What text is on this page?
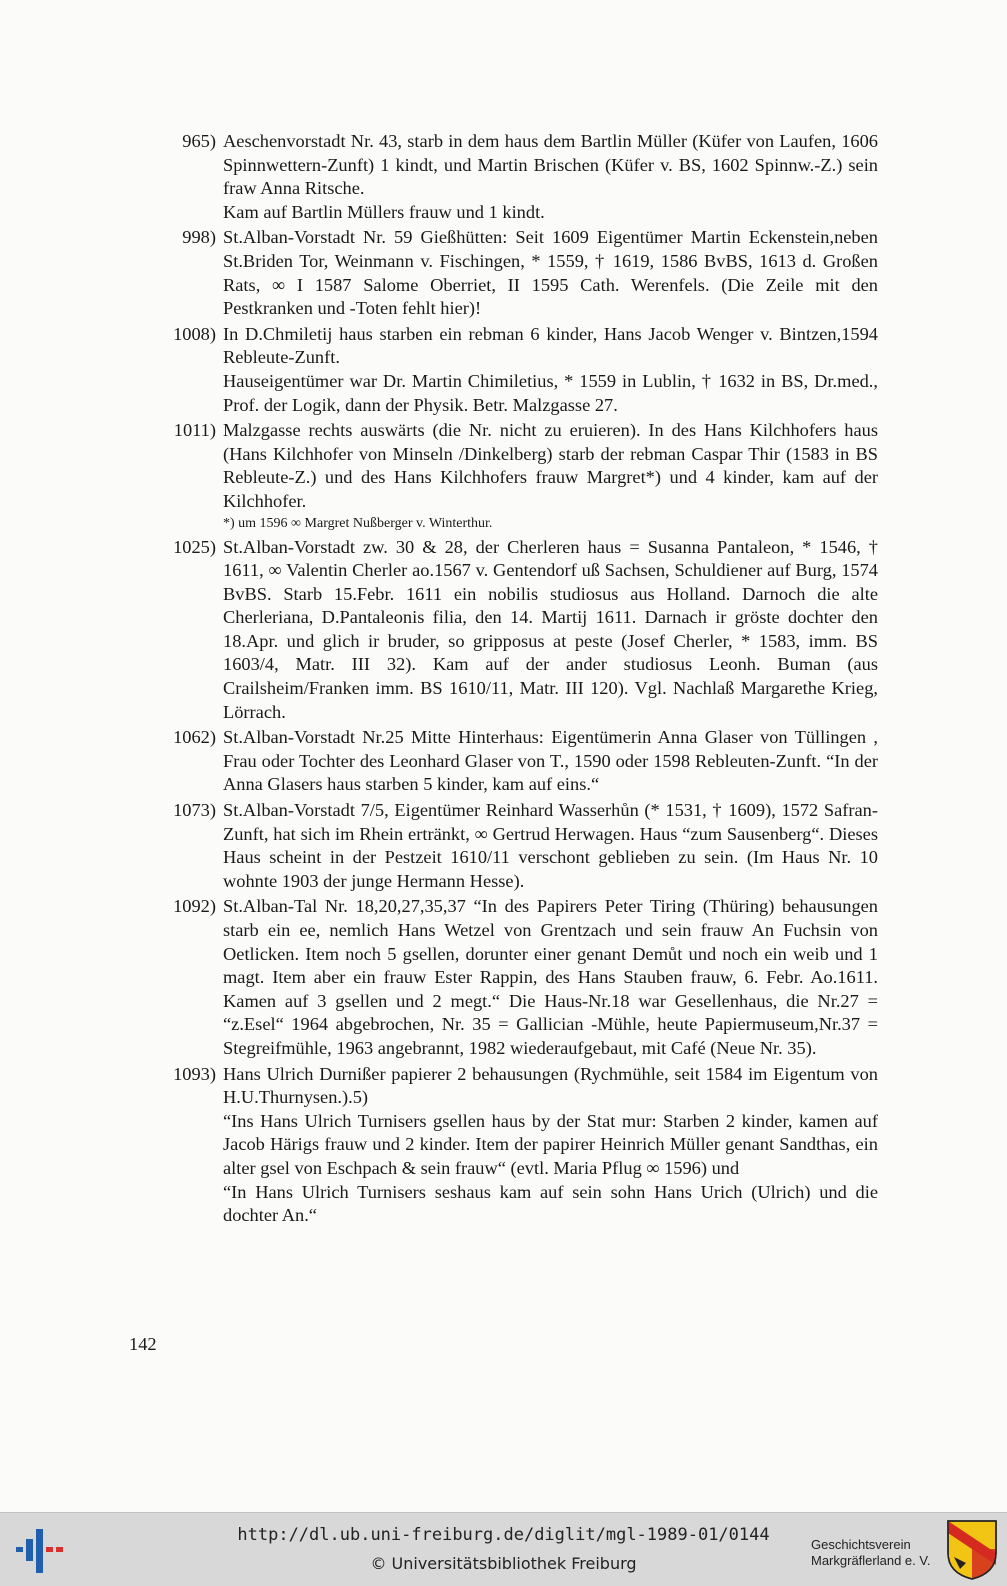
965) Aeschenvorstadt Nr. 43, starb in dem haus dem Bartlin Müller (Küfer von Laufen, 1606 Spinnwettern-Zunft) 1 kindt, und Martin Brischen (Küfer v. BS, 1602 Spinnw.-Z.) sein fraw Anna Ritsche.

Kam auf Bartlin Müllers frauw und 1 kindt.

998) St.Alban-Vorstadt Nr. 59 Gießhütten: Seit 1609 Eigentümer Martin Eckenstein,neben St.Briden Tor, Weinmann v. Fischingen, * 1559, † 1619, 1586 BvBS, 1613 d. Großen Rats, ∞ I 1587 Salome Oberriet, II 1595 Cath. Werenfels. (Die Zeile mit den Pestkranken und -Toten fehlt hier)!

1008) In D.Chmiletij haus starben ein rebman 6 kinder, Hans Jacob Wenger v. Bintzen,1594 Rebleute-Zunft.

Hauseigentümer war Dr. Martin Chimiletius, * 1559 in Lublin, † 1632 in BS, Dr.med., Prof. der Logik, dann der Physik. Betr. Malzgasse 27.

1011) Malzgasse rechts auswärts (die Nr. nicht zu eruieren). In des Hans Kilchhofers haus (Hans Kilchhofer von Minseln /Dinkelberg) starb der rebman Caspar Thir (1583 in BS Rebleute-Z.) und des Hans Kilchhofers frauw Margret*) und 4 kinder, kam auf der Kilchhofer.

*) um 1596 ∞ Margret Nußberger v. Winterthur.

1025) St.Alban-Vorstadt zw. 30 & 28, der Cherleren haus = Susanna Pantaleon, * 1546, † 1611, ∞ Valentin Cherler ao.1567 v. Gentendorf uß Sachsen, Schuldiener auf Burg, 1574 BvBS. Starb 15.Febr. 1611 ein nobilis studiosus aus Holland. Darnoch die alte Cherleriana, D.Pantaleonis filia, den 14. Martij 1611. Darnach ir gröste dochter den 18.Apr. und glich ir bruder, so gripposus at peste (Josef Cherler, * 1583, imm. BS 1603/4, Matr. III 32). Kam auf der ander studiosus Leonh. Buman (aus Crailsheim/Franken imm. BS 1610/11, Matr. III 120). Vgl. Nachlaß Margarethe Krieg, Lörrach.

1062) St.Alban-Vorstadt Nr.25 Mitte Hinterhaus: Eigentümerin Anna Glaser von Tüllingen , Frau oder Tochter des Leonhard Glaser von T., 1590 oder 1598 Rebleuten-Zunft. “In der Anna Glasers haus starben 5 kinder, kam auf eins.“

1073) St.Alban-Vorstadt 7/5, Eigentümer Reinhard Wasserhůn (* 1531, † 1609), 1572 Safran-Zunft, hat sich im Rhein ertränkt, ∞ Gertrud Herwagen. Haus “zum Sausenberg“. Dieses Haus scheint in der Pestzeit 1610/11 verschont geblieben zu sein. (Im Haus Nr. 10 wohnte 1903 der junge Hermann Hesse).

1092) St.Alban-Tal Nr. 18,20,27,35,37 “In des Papirers Peter Tiring (Thüring) behausungen starb ein ee, nemlich Hans Wetzel von Grentzach und sein frauw An Fuchsin von Oetlicken. Item noch 5 gsellen, dorunter einer genant Demůt und noch ein weib und 1 magt. Item aber ein frauw Ester Rappin, des Hans Stauben frauw, 6. Febr. Ao.1611. Kamen auf 3 gsellen und 2 megt.“ Die Haus-Nr.18 war Gesellenhaus, die Nr.27 = “z.Esel“ 1964 abgebrochen, Nr. 35 = Gallician -Mühle, heute Papiermuseum,Nr.37 = Stegreifmühle, 1963 angebrannt, 1982 wiederaufgebaut, mit Café (Neue Nr. 35).

1093) Hans Ulrich Durnißer papierer 2 behausungen (Rychmühle, seit 1584 im Eigentum von H.U.Thurnysen.).5)

“Ins Hans Ulrich Turnisers gsellen haus by der Stat mur: Starben 2 kinder, kamen auf Jacob Härigs frauw und 2 kinder. Item der papirer Heinrich Müller genant Sandthas, ein alter gsel von Eschpach & sein frauw“ (evtl. Maria Pflug ∞ 1596) und

“In Hans Ulrich Turnisers seshaus kam auf sein sohn Hans Urich (Ulrich) und die dochter An.“

142
http://dl.ub.uni-freiburg.de/diglit/mgl-1989-01/0144
© Universitätsbibliothek Freiburg
Geschichtsverein
Markgräflerland e. V.
